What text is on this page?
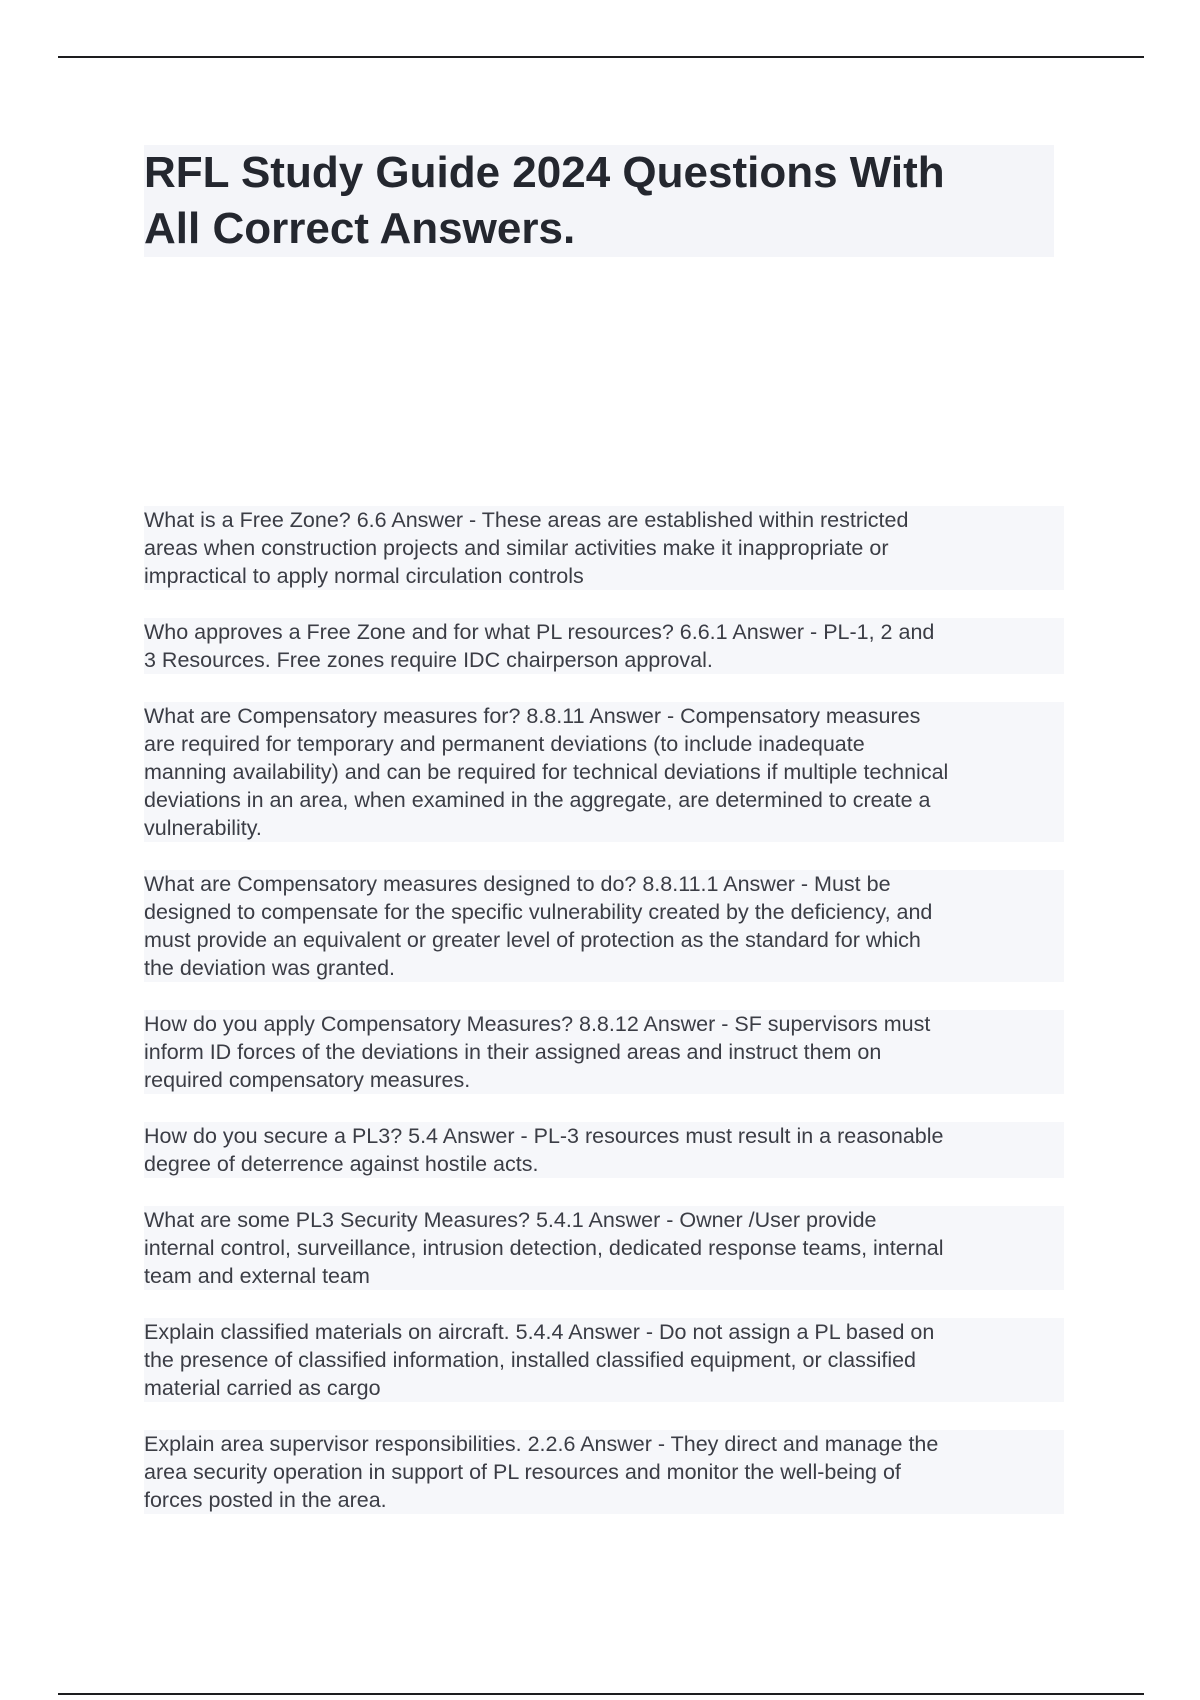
RFL Study Guide 2024 Questions With
All Correct Answers.
What is a Free Zone? 6.6 Answer - These areas are established within restricted
areas when construction projects and similar activities make it inappropriate or
impractical to apply normal circulation controls
Who approves a Free Zone and for what PL resources? 6.6.1 Answer - PL-1, 2 and
3 Resources. Free zones require IDC chairperson approval.
What are Compensatory measures for? 8.8.11 Answer - Compensatory measures
are required for temporary and permanent deviations (to include inadequate
manning availability) and can be required for technical deviations if multiple technical
deviations in an area, when examined in the aggregate, are determined to create a
vulnerability.
What are Compensatory measures designed to do? 8.8.11.1 Answer - Must be
designed to compensate for the specific vulnerability created by the deficiency, and
must provide an equivalent or greater level of protection as the standard for which
the deviation was granted.
How do you apply Compensatory Measures? 8.8.12 Answer - SF supervisors must
inform ID forces of the deviations in their assigned areas and instruct them on
required compensatory measures.
How do you secure a PL3? 5.4 Answer - PL-3 resources must result in a reasonable
degree of deterrence against hostile acts.
What are some PL3 Security Measures? 5.4.1 Answer - Owner /User provide
internal control, surveillance, intrusion detection, dedicated response teams, internal
team and external team
Explain classified materials on aircraft. 5.4.4 Answer - Do not assign a PL based on
the presence of classified information, installed classified equipment, or classified
material carried as cargo
Explain area supervisor responsibilities. 2.2.6 Answer - They direct and manage the
area security operation in support of PL resources and monitor the well-being of
forces posted in the area.
